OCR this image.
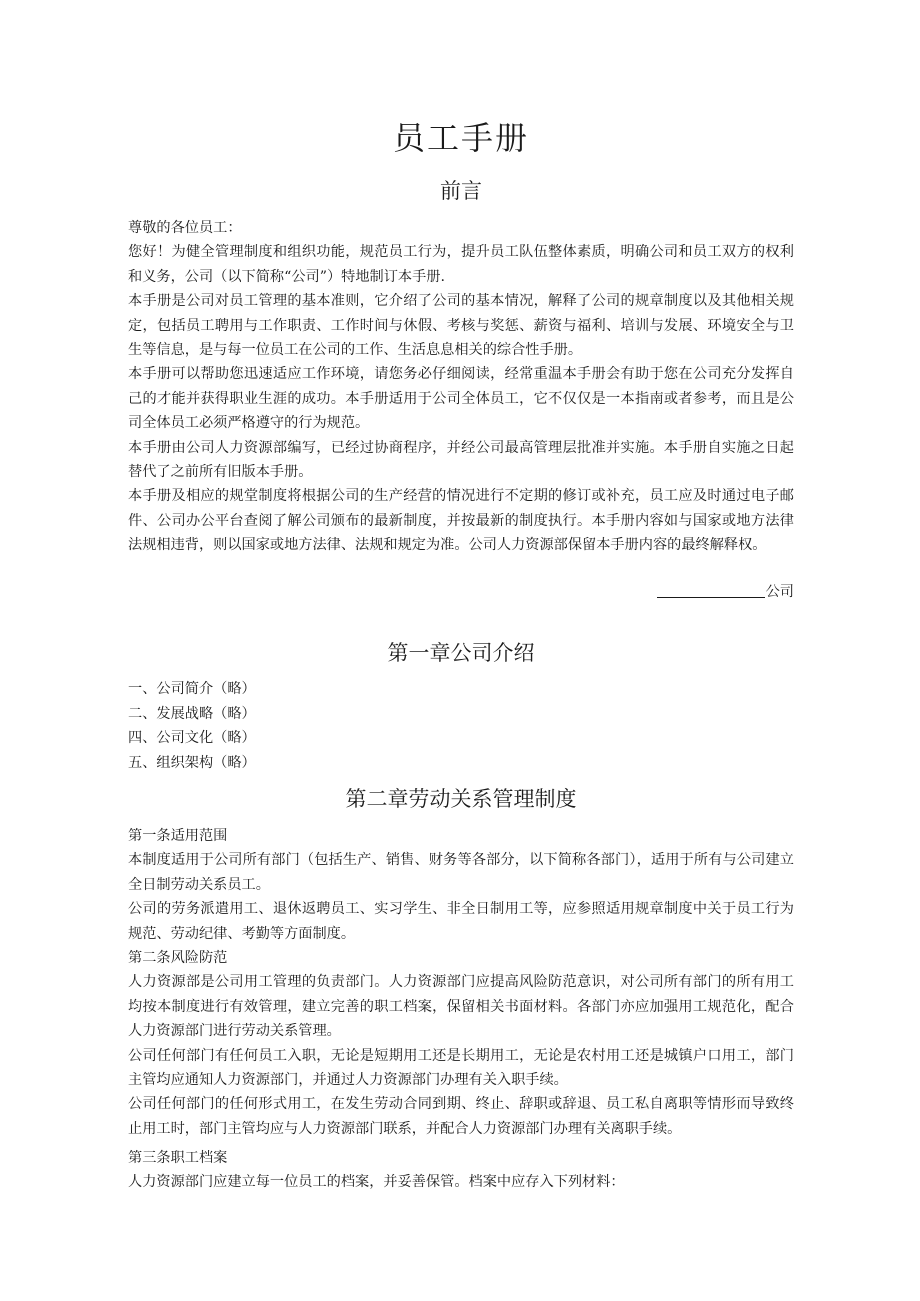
员工手册
前言

尊敬的各位员工：

您好！为健全管理制度和组织功能，规范员工行为，提升员工队伍整体素质，明确公司和员工双方的权利和义务，公司（以下简称“公司”）特地制订本手册.

本手册是公司对员工管理的基本准则，它介绍了公司的基本情况，解释了公司的规章制度以及其他相关规定，包括员工聘用与工作职责、工作时间与休假、考核与奖惩、薪资与福利、培训与发展、环境安全与卫生等信息，是与每一位员工在公司的工作、生活息息相关的综合性手册。

本手册可以帮助您迅速适应工作环境，请您务必仔细阅读，经常重温本手册会有助于您在公司充分发挥自己的才能并获得职业生涯的成功。本手册适用于公司全体员工，它不仅仅是一本指南或者参考，而且是公司全体员工必须严格遵守的行为规范。

本手册由公司人力资源部编写，已经过协商程序，并经公司最高管理层批准并实施。本手册自实施之日起替代了之前所有旧版本手册。

本手册及相应的规堂制度将根据公司的生产经营的情况进行不定期的修订或补充，员工应及时通过电子邮件、公司办公平台查阅了解公司颁布的最新制度，并按最新的制度执行。本手册内容如与国家或地方法律法规相违背，则以国家或地方法律、法规和规定为准。公司人力资源部保留本手册内容的最终解释权。

公司
第一章公司介绍
一、公司简介（略）
二、发展战略（略）
四、公司文化（略）
五、组织架构（略）
第二章劳动关系管理制度

第一条适用范围

本制度适用于公司所有部门（包括生产、销售、财务等各部分，以下简称各部门），适用于所有与公司建立全日制劳动关系员工。

公司的劳务派遣用工、退休返聘员工、实习学生、非全日制用工等，应参照适用规章制度中关于员工行为规范、劳动纪律、考勤等方面制度。

第二条风险防范

人力资源部是公司用工管理的负责部门。人力资源部门应提高风险防范意识，对公司所有部门的所有用工均按本制度进行有效管理，建立完善的职工档案，保留相关书面材料。各部门亦应加强用工规范化，配合人力资源部门进行劳动关系管理。

公司任何部门有任何员工入职，无论是短期用工还是长期用工，无论是农村用工还是城镇户口用工，部门主管均应通知人力资源部门，并通过人力资源部门办理有关入职手续。

公司任何部门的任何形式用工，在发生劳动合同到期、终止、辞职或辞退、员工私自离职等情形而导致终止用工时，部门主管均应与人力资源部门联系，并配合人力资源部门办理有关离职手续。

第三条职工档案

人力资源部门应建立每一位员工的档案，并妥善保管。档案中应存入下列材料：
